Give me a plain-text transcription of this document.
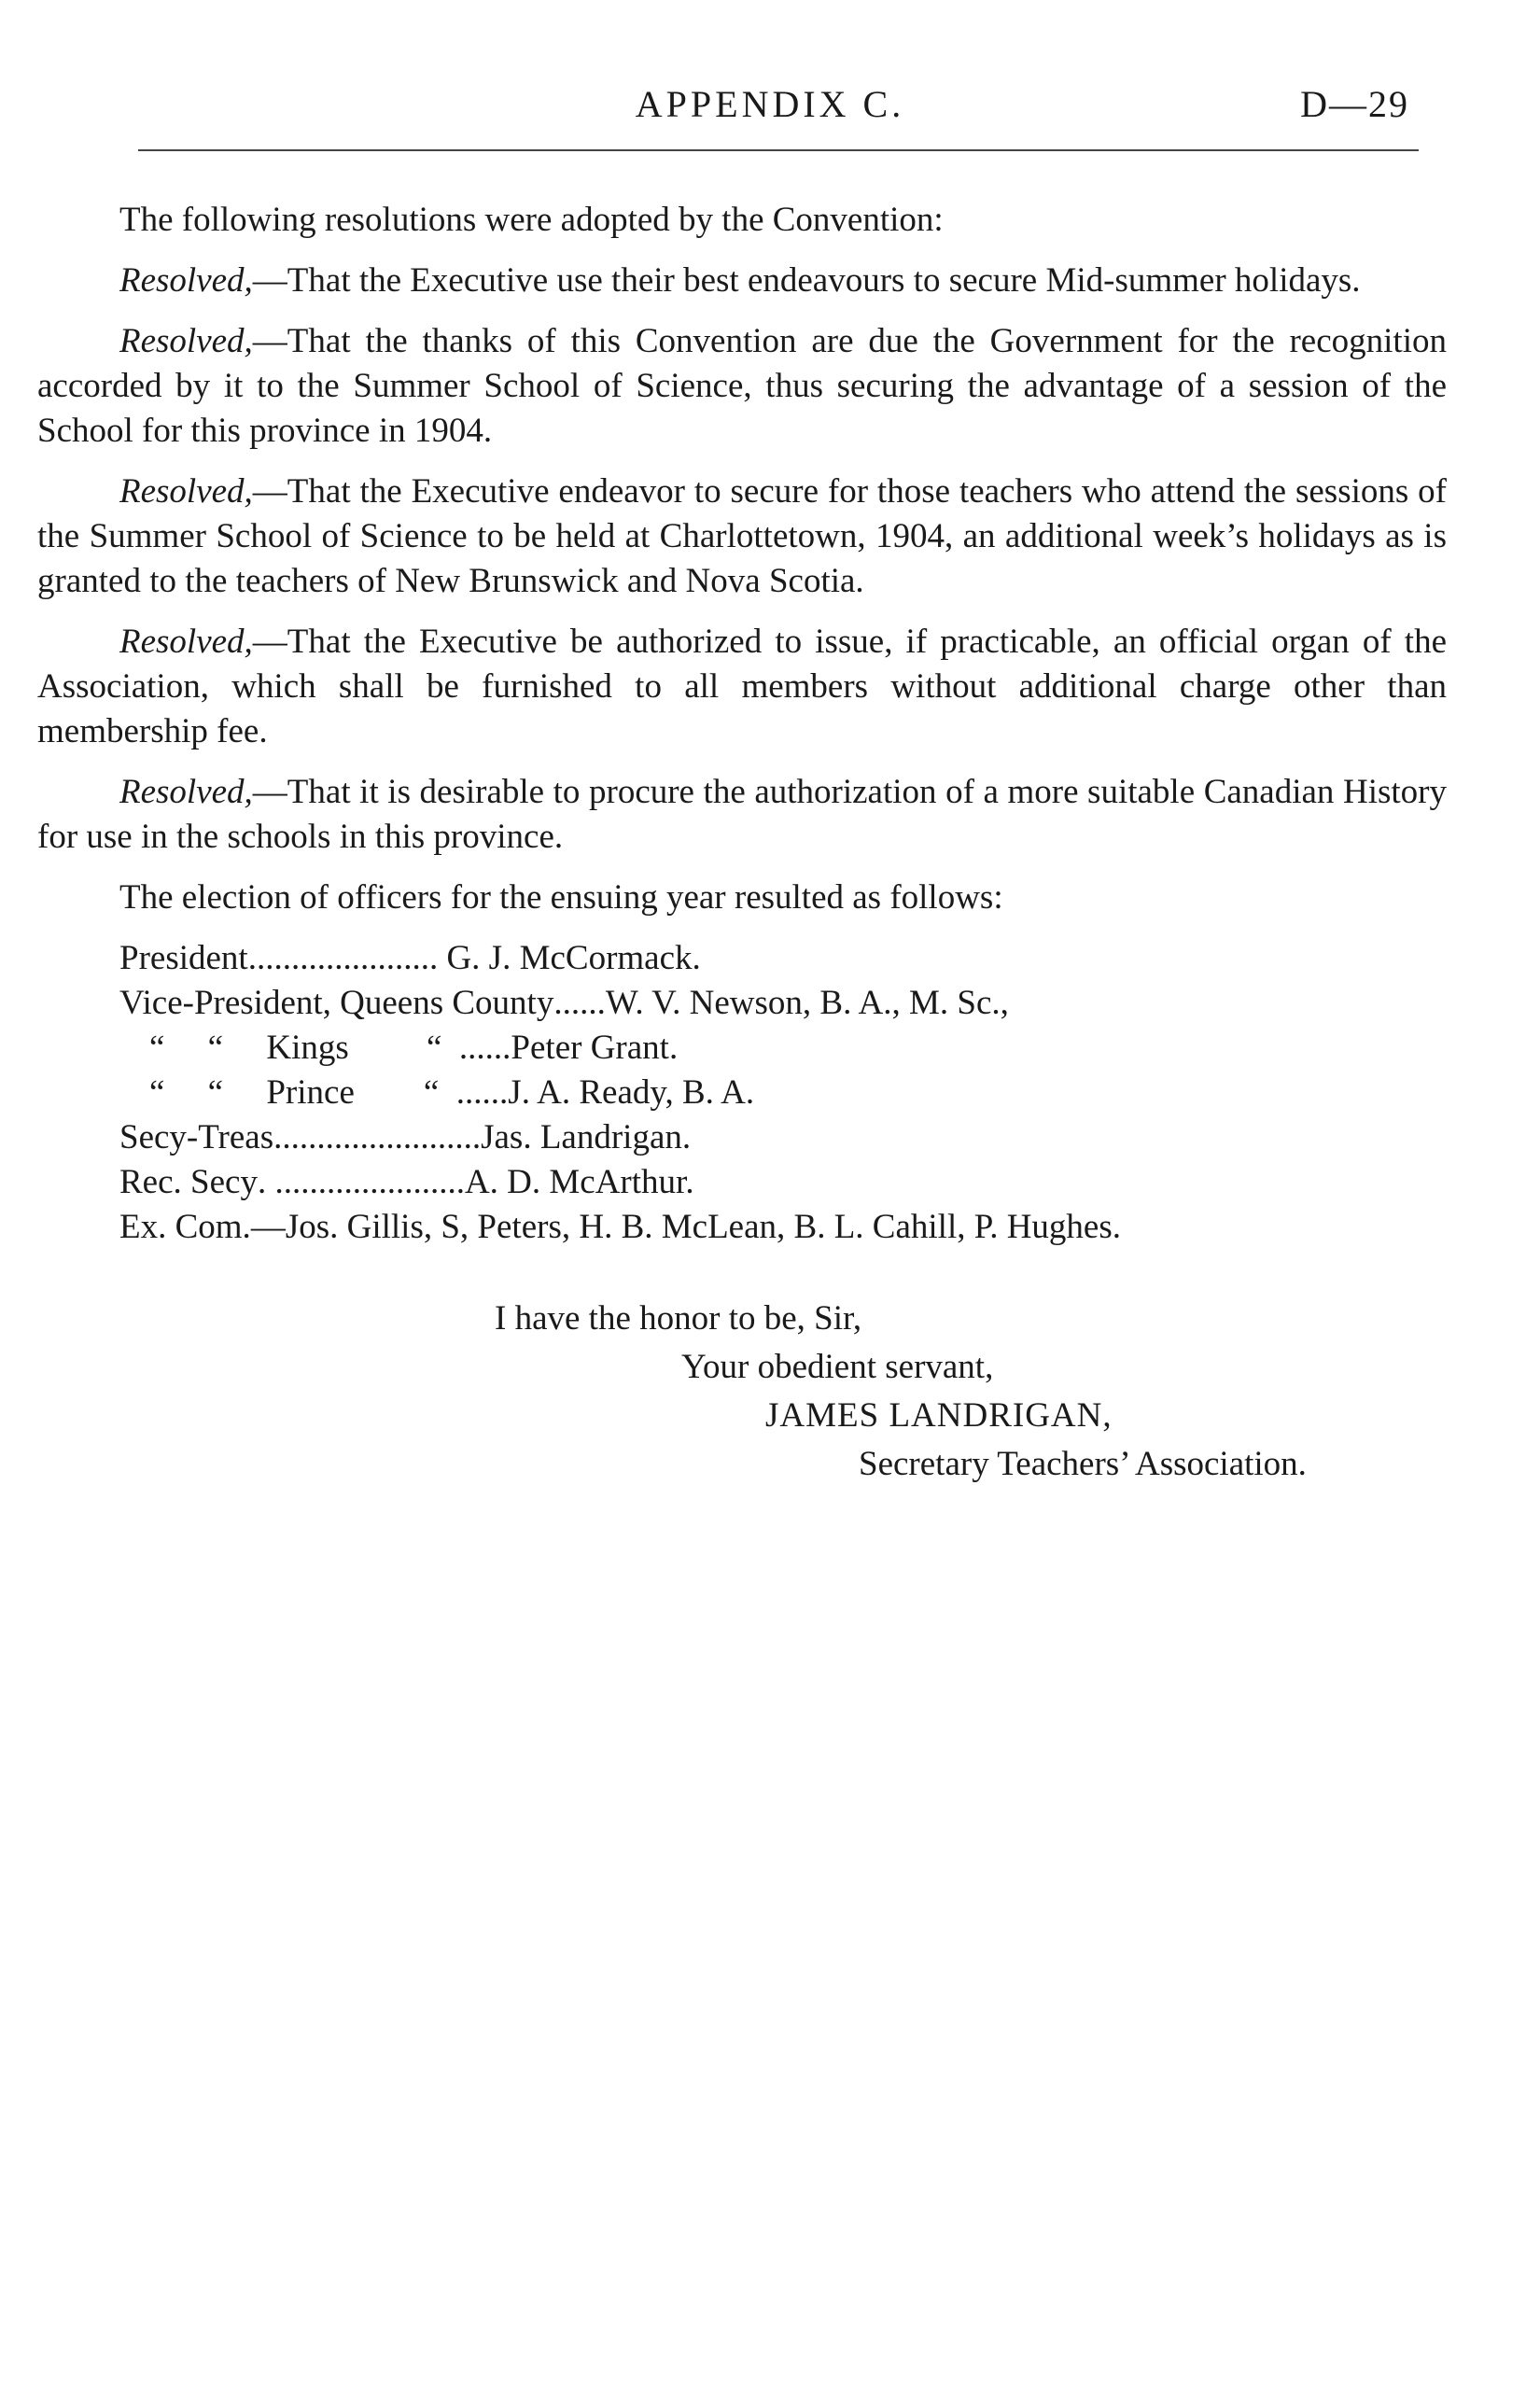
APPENDIX C.	D—29

The following resolutions were adopted by the Convention:

Resolved,—That the Executive use their best endeavours to secure Mid-summer holidays.

Resolved,—That the thanks of this Convention are due the Government for the recognition accorded by it to the Summer School of Science, thus securing the advantage of a session of the School for this province in 1904.

Resolved,—That the Executive endeavor to secure for those teachers who attend the sessions of the Summer School of Science to be held at Charlottetown, 1904, an additional week’s holidays as is granted to the teachers of New Brunswick and Nova Scotia.

Resolved,—That the Executive be authorized to issue, if practicable, an official organ of the Association, which shall be furnished to all members without additional charge other than membership fee.

Resolved,—That it is desirable to procure the authorization of a more suitable Canadian History for use in the schools in this province.

The election of officers for the ensuing year resulted as follows:

President ...................... G. J. McCormack.
Vice-President, Queens County ...... W. V. Newson, B. A., M. Sc.,
“     “     Kings         “ ...... Peter Grant.
“     “     Prince        “ ...... J. A. Ready, B. A.
Secy-Treas ........................ Jas. Landrigan.
Rec. Secy . ...................... A. D. McArthur.
Ex. Com. —Jos. Gillis, S, Peters, H. B. McLean, B. L. Cahill, P. Hughes.
I have the honor to be, Sir,
Your obedient servant,
JAMES LANDRIGAN,
Secretary Teachers’ Association.
